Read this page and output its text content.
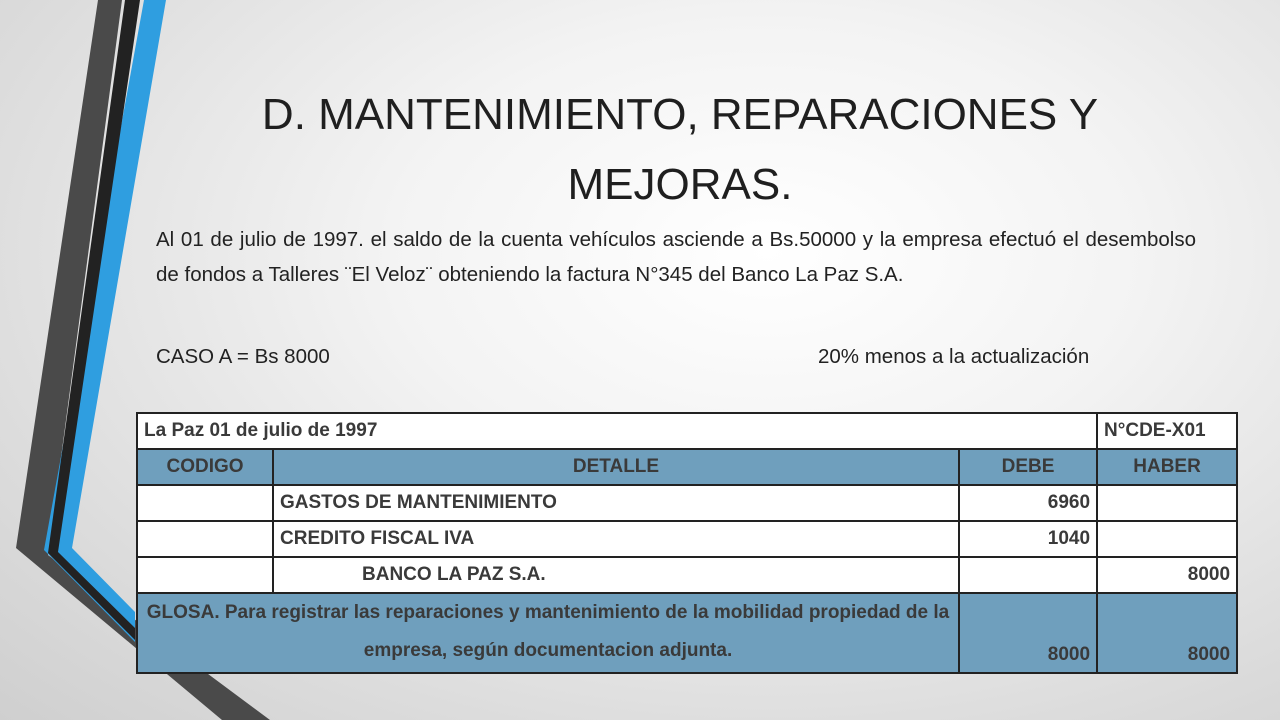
D. MANTENIMIENTO, REPARACIONES Y
MEJORAS.

Al 01 de julio de 1997. el saldo de la cuenta vehículos asciende a Bs.50000 y la empresa efectuó el desembolso de fondos a Talleres ¨El Veloz¨ obteniendo la factura N°345 del Banco La Paz S.A.

CASO A = Bs 8000	20% menos a la actualización
La Paz 01 de julio de 1997			N°CDE-X01
CODIGO	DETALLE	DEBE	HABER
	GASTOS DE MANTENIMIENTO	6960	
	CREDITO FISCAL IVA	1040	
	BANCO LA PAZ S.A.		8000
GLOSA. Para registrar las reparaciones y mantenimiento de la mobilidad propiedad de la empresa, según documentacion adjunta.		8000	8000
